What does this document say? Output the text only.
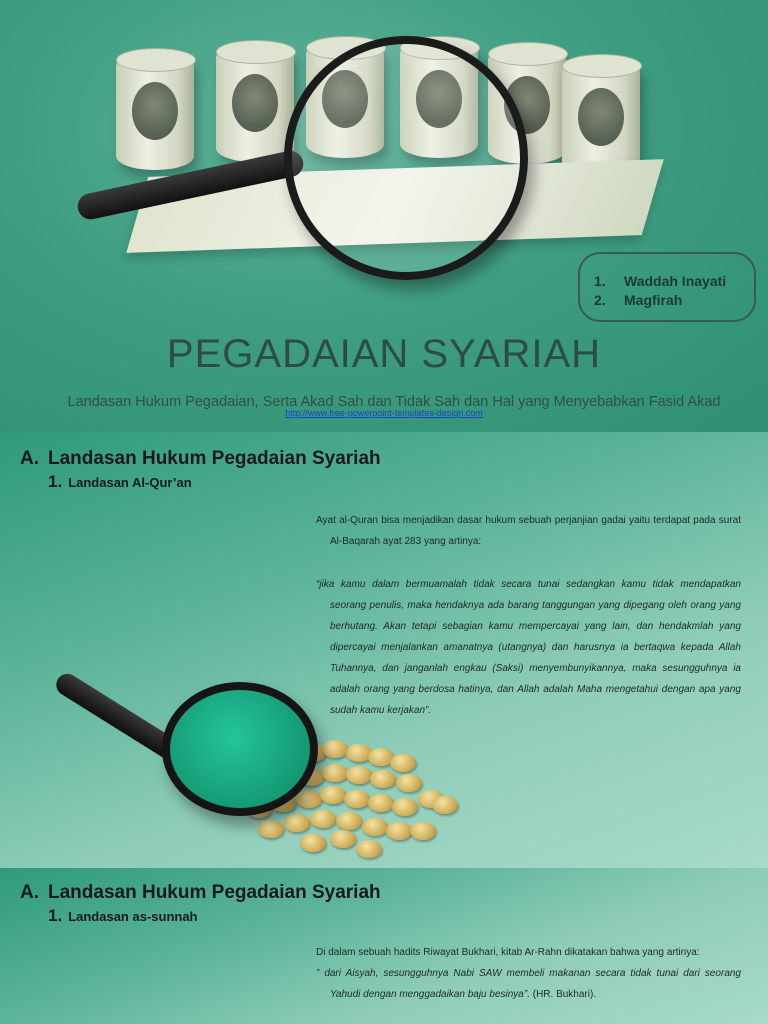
1.	Waddah Inayati
2.	Magfirah
PEGADAIAN SYARIAH
Landasan Hukum Pegadaian, Serta Akad Sah dan Tidak Sah dan Hal yang Menyebabkan Fasid Akad
http://www.free-powerpoint-templates-design.com
A. Landasan Hukum Pegadaian Syariah
1. Landasan Al-Qur’an

Ayat al-Quran bisa menjadikan dasar hukum sebuah perjanjian gadai yaitu terdapat pada surat Al-Baqarah ayat 283 yang artinya:

“jika kamu dalam bermuamalah tidak secara tunai sedangkan kamu tidak mendapatkan seorang penulis, maka hendaknya ada barang tanggungan yang dipegang oleh orang yang berhutang. Akan tetapi sebagian kamu mempercayai yang lain, dan hendakmlah yang dipercayai menjalankan amanatnya (utangnya) dan harusnya ia bertaqwa kepada Allah Tuhannya, dan janganlah engkau (Saksi) menyembunyikannya, maka sesungguhnya ia adalah orang yang berdosa hatinya, dan Allah adalah Maha mengetahui dengan apa yang sudah kamu kerjakan”.

A. Landasan Hukum Pegadaian Syariah
1. Landasan as-sunnah

Di dalam sebuah hadits Riwayat Bukhari, kitab Ar-Rahn dikatakan bahwa yang artinya:

” dari Aisyah, sesungguhnya Nabi SAW membeli makanan secara tidak tunai dari seorang Yahudi dengan menggadaikan baju besinya”. (HR. Bukhari).
